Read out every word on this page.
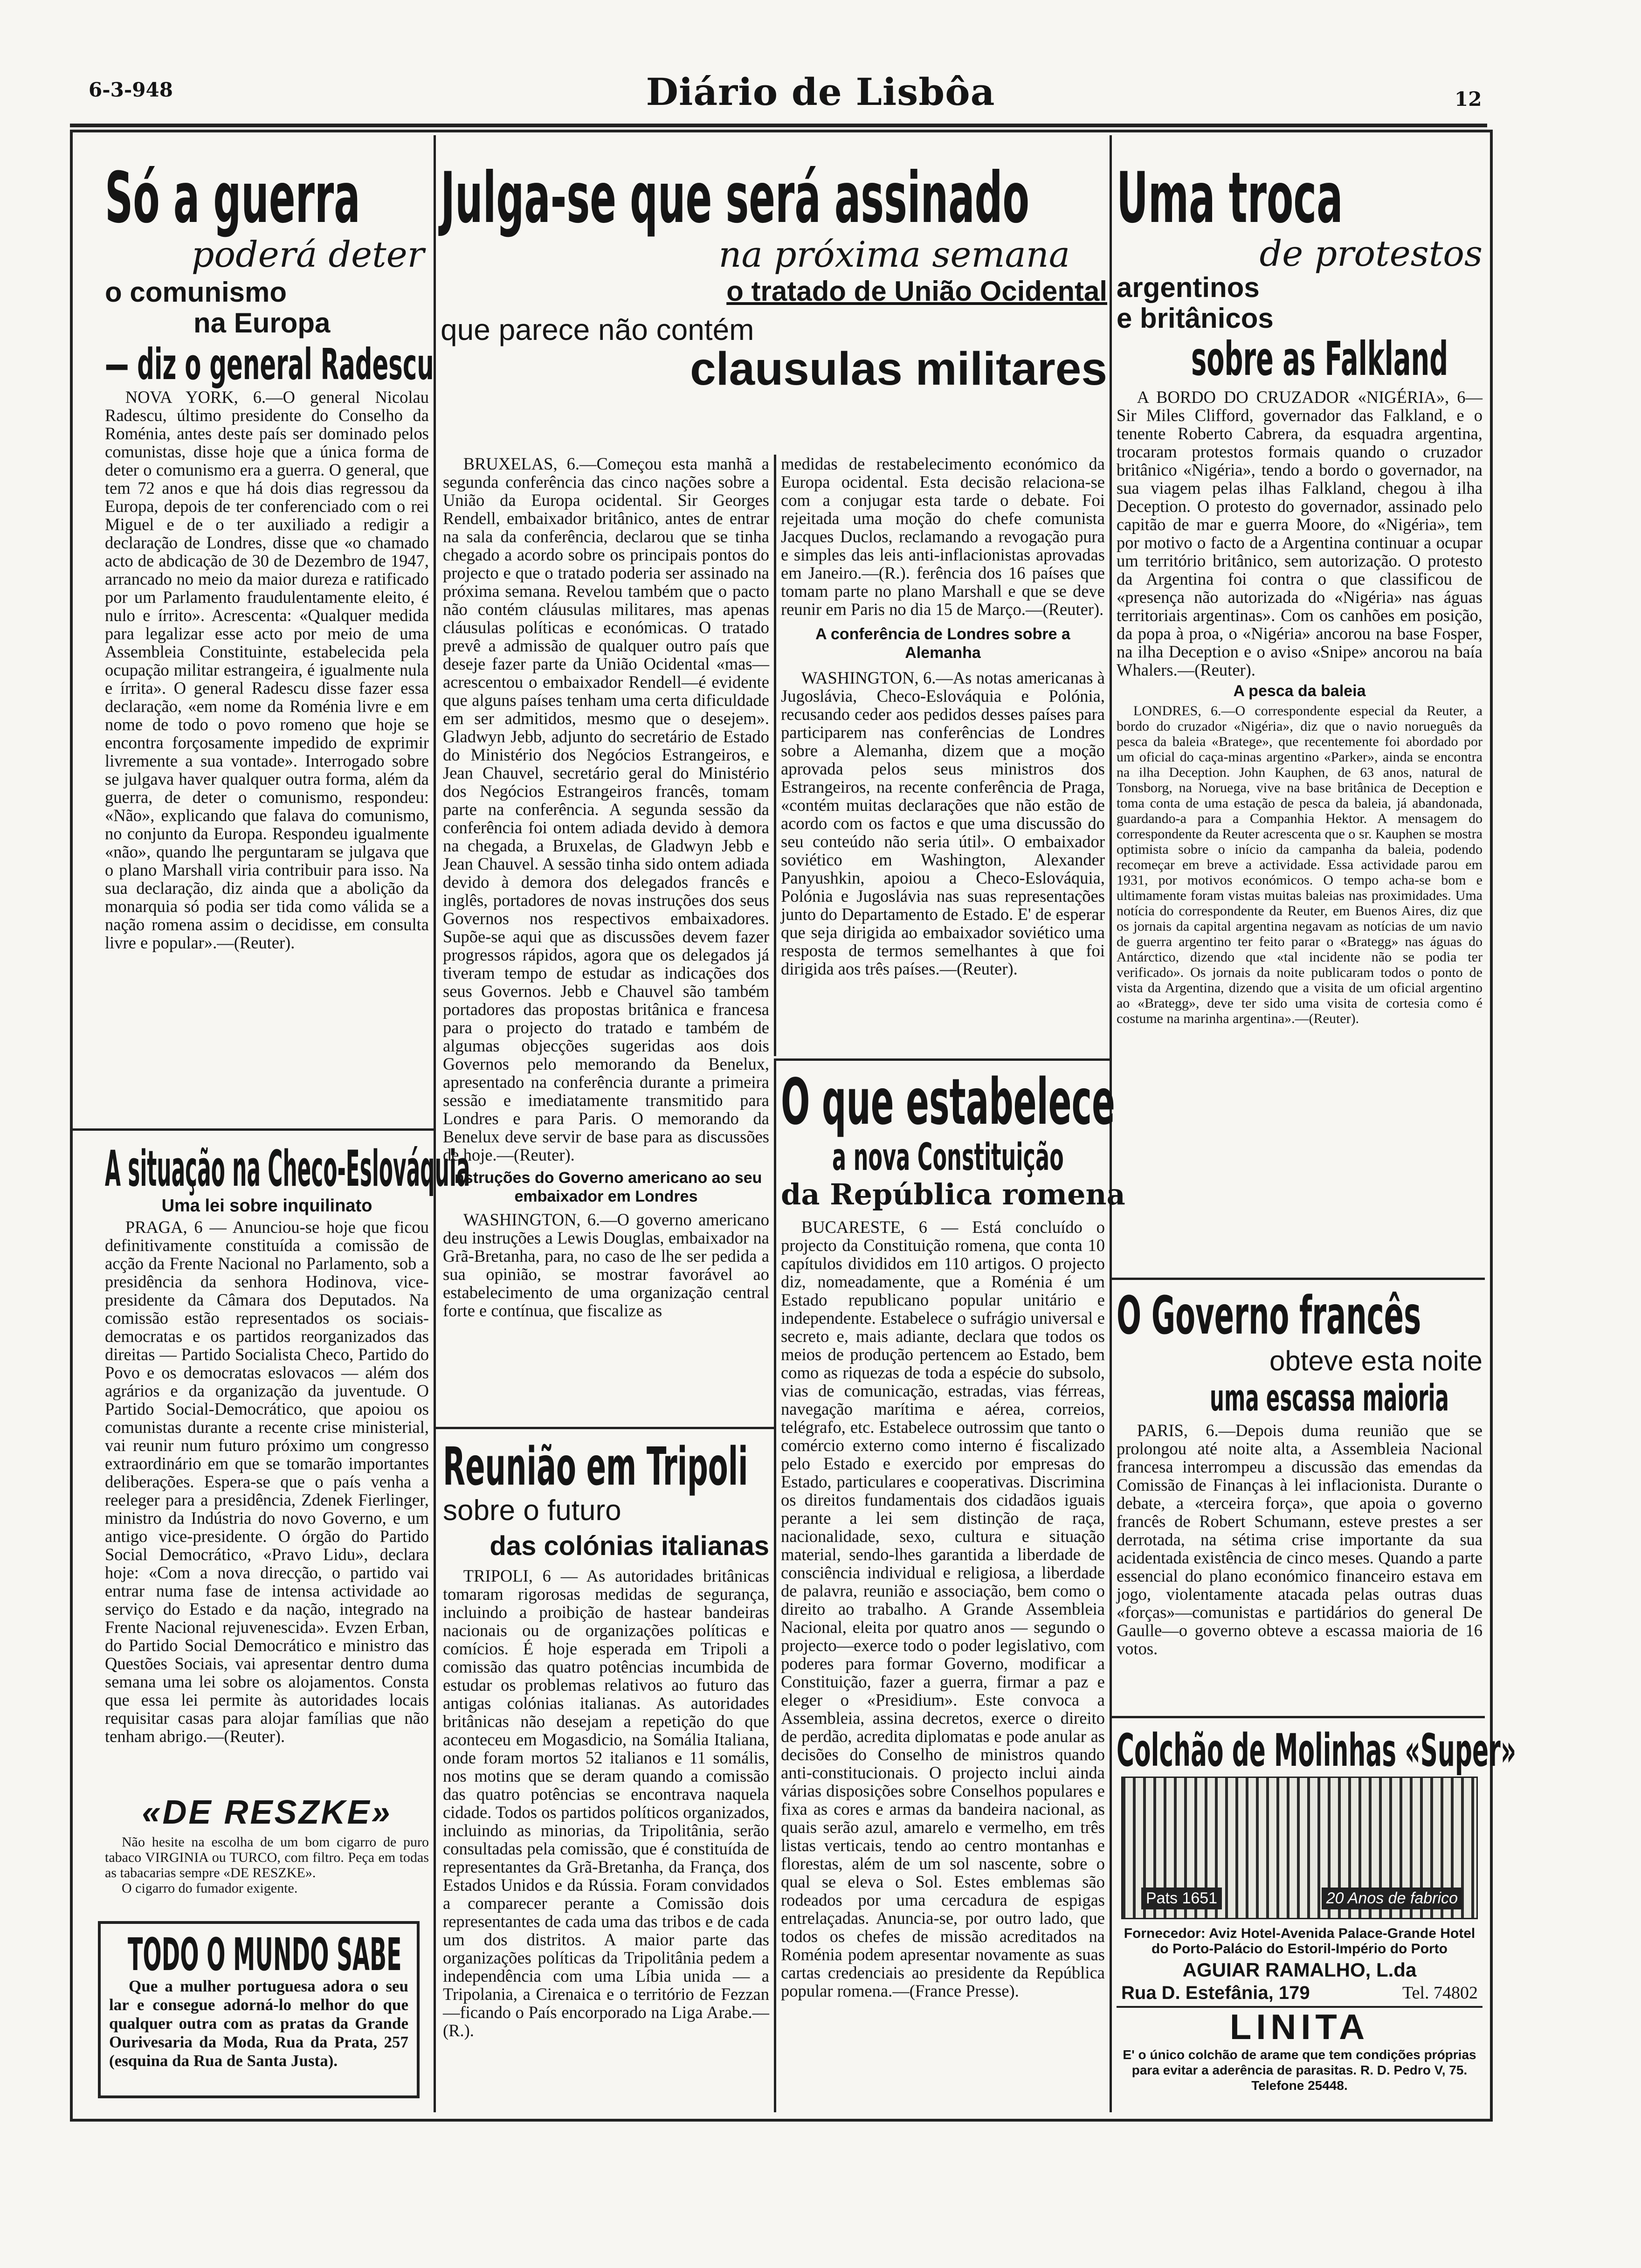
6-3-948	Diário de Lisbôa	12
Só a guerra
poderá deter
o comunismo
na Europa
— diz o general Radescu

NOVA YORK, 6.—O general Nicolau Radescu, último presidente do Conselho da Roménia, antes deste país ser dominado pelos comunistas, disse hoje que a única forma de deter o comunismo era a guerra. O general, que tem 72 anos e que há dois dias regressou da Europa, depois de ter conferenciado com o rei Miguel e de o ter auxiliado a redigir a declaração de Londres, disse que «o chamado acto de abdicação de 30 de Dezembro de 1947, arrancado no meio da maior dureza e ratificado por um Parlamento fraudulentamente eleito, é nulo e írrito». Acrescenta: «Qualquer medida para legalizar esse acto por meio de uma Assembleia Constituinte, estabelecida pela ocupação militar estrangeira, é igualmente nula e írrita». O general Radescu disse fazer essa declaração, «em nome da Roménia livre e em nome de todo o povo romeno que hoje se encontra forçosamente impedido de exprimir livremente a sua vontade». Interrogado sobre se julgava haver qualquer outra forma, além da guerra, de deter o comunismo, respondeu: «Não», explicando que falava do comunismo, no conjunto da Europa. Respondeu igualmente «não», quando lhe perguntaram se julgava que o plano Marshall viria contribuir para isso. Na sua declaração, diz ainda que a abolição da monarquia só podia ser tida como válida se a nação romena assim o decidisse, em consulta livre e popular».—(Reuter).

A situação na Checo-Eslováquia
Uma lei sobre inquilinato

PRAGA, 6 — Anunciou-se hoje que ficou definitivamente constituída a comissão de acção da Frente Nacional no Parlamento, sob a presidência da senhora Hodinova, vice-presidente da Câmara dos Deputados. Na comissão estão representados os sociais-democratas e os partidos reorganizados das direitas — Partido Socialista Checo, Partido do Povo e os democratas eslovacos — além dos agrários e da organização da juventude. O Partido Social-Democrático, que apoiou os comunistas durante a recente crise ministerial, vai reunir num futuro próximo um congresso extraordinário em que se tomarão importantes deliberações. Espera-se que o país venha a reeleger para a presidência, Zdenek Fierlinger, ministro da Indústria do novo Governo, e um antigo vice-presidente. O órgão do Partido Social Democrático, «Pravo Lidu», declara hoje: «Com a nova direcção, o partido vai entrar numa fase de intensa actividade ao serviço do Estado e da nação, integrado na Frente Nacional rejuvenescida». Evzen Erban, do Partido Social Democrático e ministro das Questões Sociais, vai apresentar dentro duma semana uma lei sobre os alojamentos. Consta que essa lei permite às autoridades locais requisitar casas para alojar famílias que não tenham abrigo.—(Reuter).

«DE RESZKE»

Não hesite na escolha de um bom cigarro de puro tabaco VIRGINIA ou TURCO, com filtro. Peça em todas as tabacarias sempre «DE RESZKE».

O cigarro do fumador exigente.

TODO O MUNDO SABE

Que a mulher portuguesa adora o seu lar e consegue adorná-lo melhor do que qualquer outra com as pratas da Grande Ourivesaria da Moda, Rua da Prata, 257 (esquina da Rua de Santa Justa).

Julga-se que será assinado
na próxima semana
o tratado de União Ocidental
que parece não contém
clausulas militares

BRUXELAS, 6.—Começou esta manhã a segunda conferência das cinco nações sobre a União da Europa ocidental. Sir Georges Rendell, embaixador britânico, antes de entrar na sala da conferência, declarou que se tinha chegado a acordo sobre os principais pontos do projecto e que o tratado poderia ser assinado na próxima semana. Revelou também que o pacto não contém cláusulas militares, mas apenas cláusulas políticas e económicas. O tratado prevê a admissão de qualquer outro país que deseje fazer parte da União Ocidental «mas—acrescentou o embaixador Rendell—é evidente que alguns países tenham uma certa dificuldade em ser admitidos, mesmo que o desejem». Gladwyn Jebb, adjunto do secretário de Estado do Ministério dos Negócios Estrangeiros, e Jean Chauvel, secretário geral do Ministério dos Negócios Estrangeiros francês, tomam parte na conferência. A segunda sessão da conferência foi ontem adiada devido à demora na chegada, a Bruxelas, de Gladwyn Jebb e Jean Chauvel. A sessão tinha sido ontem adiada devido à demora dos delegados francês e inglês, portadores de novas instruções dos seus Governos nos respectivos embaixadores. Supõe-se aqui que as discussões devem fazer progressos rápidos, agora que os delegados já tiveram tempo de estudar as indicações dos seus Governos. Jebb e Chauvel são também portadores das propostas britânica e francesa para o projecto do tratado e também de algumas objecções sugeridas aos dois Governos pelo memorando da Benelux, apresentado na conferência durante a primeira sessão e imediatamente transmitido para Londres e para Paris. O memorando da Benelux deve servir de base para as discussões de hoje.—(Reuter).

Instruções do Governo americano ao seu embaixador em Londres

WASHINGTON, 6.—O governo americano deu instruções a Lewis Douglas, embaixador na Grã-Bretanha, para, no caso de lhe ser pedida a sua opinião, se mostrar favorável ao estabelecimento de uma organização central forte e contínua, que fiscalize as

medidas de restabelecimento económico da Europa ocidental. Esta decisão relaciona-se com a conjugar esta tarde o debate. Foi rejeitada uma moção do chefe comunista Jacques Duclos, reclamando a revogação pura e simples das leis anti-inflacionistas aprovadas em Janeiro.—(R.). ferência dos 16 países que tomam parte no plano Marshall e que se deve reunir em Paris no dia 15 de Março.—(Reuter).

A conferência de Londres sobre a Alemanha

WASHINGTON, 6.—As notas americanas à Jugoslávia, Checo-Eslováquia e Polónia, recusando ceder aos pedidos desses países para participarem nas conferências de Londres sobre a Alemanha, dizem que a moção aprovada pelos seus ministros dos Estrangeiros, na recente conferência de Praga, «contém muitas declarações que não estão de acordo com os factos e que uma discussão do seu conteúdo não seria útil». O embaixador soviético em Washington, Alexander Panyushkin, apoiou a Checo-Eslováquia, Polónia e Jugoslávia nas suas representações junto do Departamento de Estado. E' de esperar que seja dirigida ao embaixador soviético uma resposta de termos semelhantes à que foi dirigida aos três países.—(Reuter).

Reunião em Tripoli
sobre o futuro
das colónias italianas

TRIPOLI, 6 — As autoridades britânicas tomaram rigorosas medidas de segurança, incluindo a proibição de hastear bandeiras nacionais ou de organizações políticas e comícios. É hoje esperada em Tripoli a comissão das quatro potências incumbida de estudar os problemas relativos ao futuro das antigas colónias italianas. As autoridades britânicas não desejam a repetição do que aconteceu em Mogasdicio, na Somália Italiana, onde foram mortos 52 italianos e 11 somális, nos motins que se deram quando a comissão das quatro potências se encontrava naquela cidade. Todos os partidos políticos organizados, incluindo as minorias, da Tripolitânia, serão consultadas pela comissão, que é constituída de representantes da Grã-Bretanha, da França, dos Estados Unidos e da Rússia. Foram convidados a comparecer perante a Comissão dois representantes de cada uma das tribos e de cada um dos distritos. A maior parte das organizações políticas da Tripolitânia pedem a independência com uma Líbia unida — a Tripolania, a Cirenaica e o território de Fezzan—ficando o País encorporado na Liga Arabe.—(R.).

O que estabelece
a nova Constituição
da República romena

BUCARESTE, 6 — Está concluído o projecto da Constituição romena, que conta 10 capítulos divididos em 110 artigos. O projecto diz, nomeadamente, que a Roménia é um Estado republicano popular unitário e independente. Estabelece o sufrágio universal e secreto e, mais adiante, declara que todos os meios de produção pertencem ao Estado, bem como as riquezas de toda a espécie do subsolo, vias de comunicação, estradas, vias férreas, navegação marítima e aérea, correios, telégrafo, etc. Estabelece outrossim que tanto o comércio externo como interno é fiscalizado pelo Estado e exercido por empresas do Estado, particulares e cooperativas. Discrimina os direitos fundamentais dos cidadãos iguais perante a lei sem distinção de raça, nacionalidade, sexo, cultura e situação material, sendo-lhes garantida a liberdade de consciência individual e religiosa, a liberdade de palavra, reunião e associação, bem como o direito ao trabalho. A Grande Assembleia Nacional, eleita por quatro anos — segundo o projecto—exerce todo o poder legislativo, com poderes para formar Governo, modificar a Constituição, fazer a guerra, firmar a paz e eleger o «Presidium». Este convoca a Assembleia, assina decretos, exerce o direito de perdão, acredita diplomatas e pode anular as decisões do Conselho de ministros quando anti-constitucionais. O projecto inclui ainda várias disposições sobre Conselhos populares e fixa as cores e armas da bandeira nacional, as quais serão azul, amarelo e vermelho, em três listas verticais, tendo ao centro montanhas e florestas, além de um sol nascente, sobre o qual se eleva o Sol. Estes emblemas são rodeados por uma cercadura de espigas entrelaçadas. Anuncia-se, por outro lado, que todos os chefes de missão acreditados na Roménia podem apresentar novamente as suas cartas credenciais ao presidente da República popular romena.—(France Presse).

Uma troca
de protestos
argentinos
e britânicos
sobre as Falkland

A BORDO DO CRUZADOR «NIGÉRIA», 6—Sir Miles Clifford, governador das Falkland, e o tenente Roberto Cabrera, da esquadra argentina, trocaram protestos formais quando o cruzador britânico «Nigéria», tendo a bordo o governador, na sua viagem pelas ilhas Falkland, chegou à ilha Deception. O protesto do governador, assinado pelo capitão de mar e guerra Moore, do «Nigéria», tem por motivo o facto de a Argentina continuar a ocupar um território britânico, sem autorização. O protesto da Argentina foi contra o que classificou de «presença não autorizada do «Nigéria» nas águas territoriais argentinas». Com os canhões em posição, da popa à proa, o «Nigéria» ancorou na base Fosper, na ilha Deception e o aviso «Snipe» ancorou na baía Whalers.—(Reuter).

A pesca da baleia

LONDRES, 6.—O correspondente especial da Reuter, a bordo do cruzador «Nigéria», diz que o navio norueguês da pesca da baleia «Bratege», que recentemente foi abordado por um oficial do caça-minas argentino «Parker», ainda se encontra na ilha Deception. John Kauphen, de 63 anos, natural de Tonsborg, na Noruega, vive na base britânica de Deception e toma conta de uma estação de pesca da baleia, já abandonada, guardando-a para a Companhia Hektor. A mensagem do correspondente da Reuter acrescenta que o sr. Kauphen se mostra optimista sobre o início da campanha da baleia, podendo recomeçar em breve a actividade. Essa actividade parou em 1931, por motivos económicos. O tempo acha-se bom e ultimamente foram vistas muitas baleias nas proximidades. Uma notícia do correspondente da Reuter, em Buenos Aires, diz que os jornais da capital argentina negavam as notícias de um navio de guerra argentino ter feito parar o «Brategg» nas águas do Antárctico, dizendo que «tal incidente não se podia ter verificado». Os jornais da noite publicaram todos o ponto de vista da Argentina, dizendo que a visita de um oficial argentino ao «Brategg», deve ter sido uma visita de cortesia como é costume na marinha argentina».—(Reuter).

O Governo francês
obteve esta noite
uma escassa maioria

PARIS, 6.—Depois duma reunião que se prolongou até noite alta, a Assembleia Nacional francesa interrompeu a discussão das emendas da Comissão de Finanças à lei inflacionista. Durante o debate, a «terceira força», que apoia o governo francês de Robert Schumann, esteve prestes a ser derrotada, na sétima crise importante da sua acidentada existência de cinco meses. Quando a parte essencial do plano económico financeiro estava em jogo, violentamente atacada pelas outras duas «forças»—comunistas e partidários do general De Gaulle—o governo obteve a escassa maioria de 16 votos.

Colchão de Molinhas «Super»
Pats 1651	20 Anos de fabrico

Fornecedor: Aviz Hotel-Avenida Palace-Grande Hotel do Porto-Palácio do Estoril-Império do Porto

AGUIAR RAMALHO, L.da
Rua D. Estefânia, 179	Tel. 74802
LINITA

E' o único colchão de arame que tem condições próprias para evitar a aderência de parasitas. R. D. Pedro V, 75. Telefone 25448.
